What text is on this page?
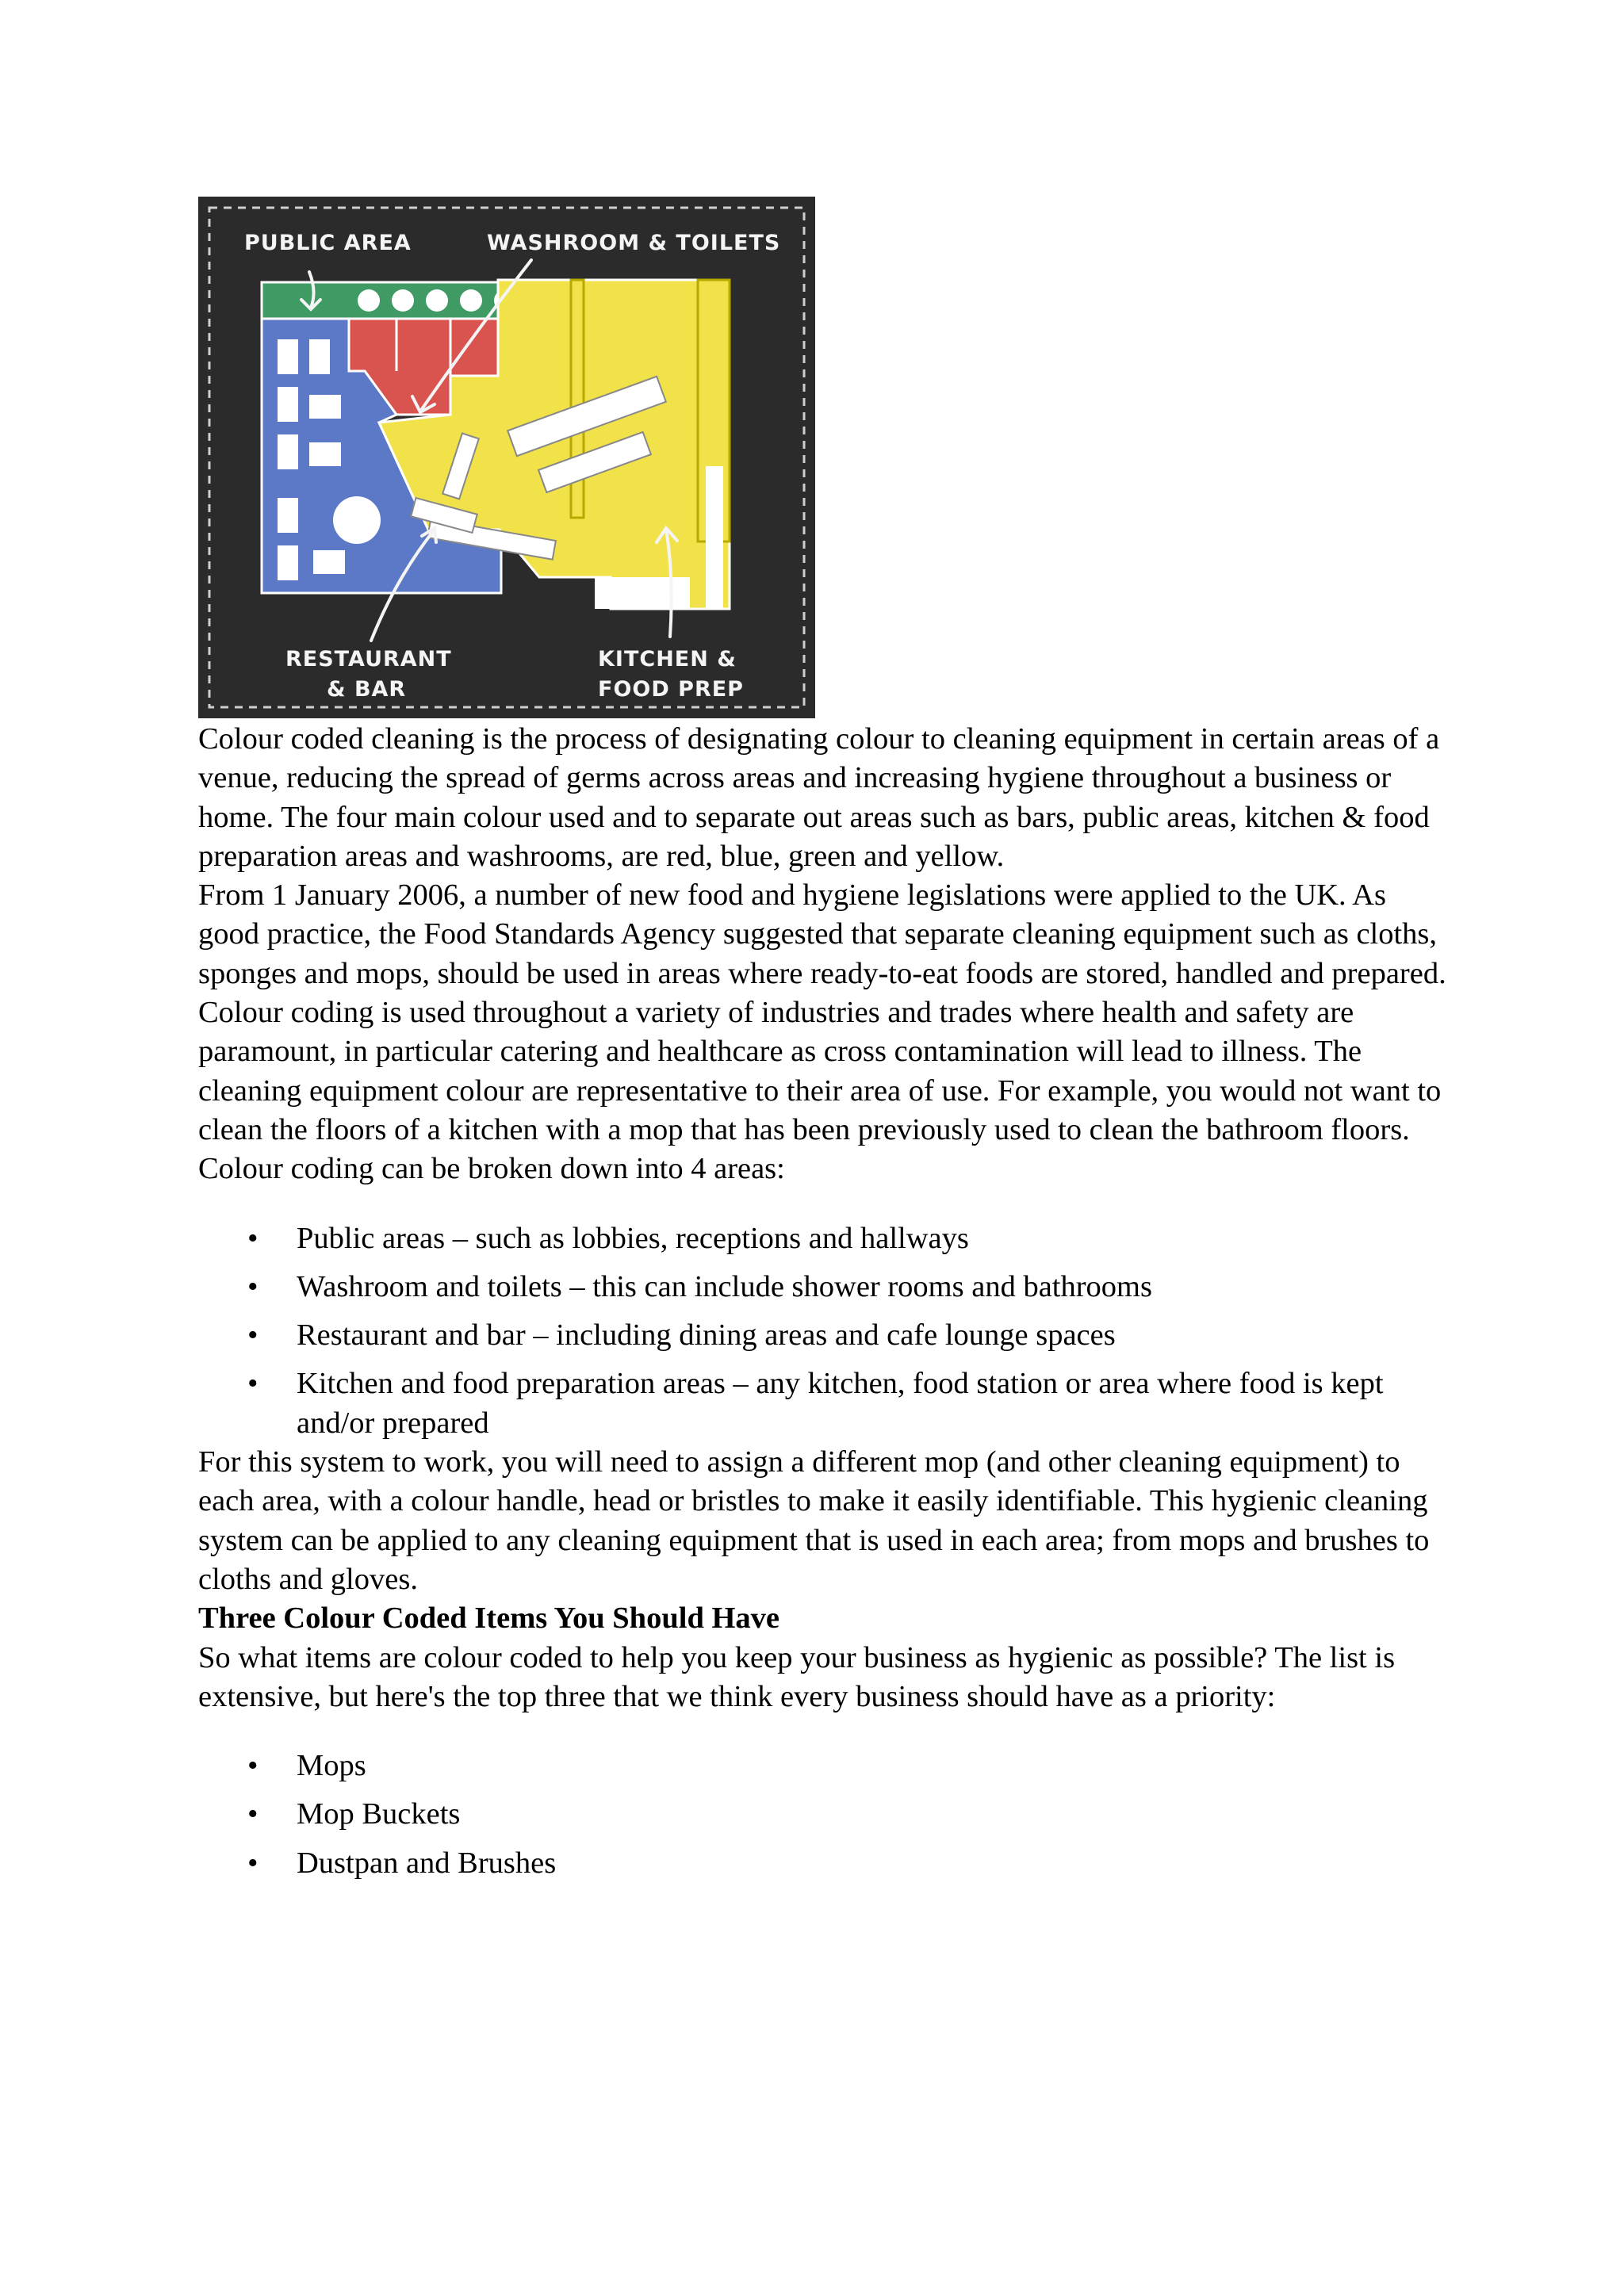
PUBLIC AREA	WASHROOM & TOILETS
RESTAURANT
& BAR
KITCHEN &
FOOD PREP

Colour coded cleaning is the process of designating colour to cleaning equipment in certain areas of a venue, reducing the spread of germs across areas and increasing hygiene throughout a business or home. The four main colour used and to separate out areas such as bars, public areas, kitchen & food preparation areas and washrooms, are red, blue, green and yellow.

From 1 January 2006, a number of new food and hygiene legislations were applied to the UK. As good practice, the Food Standards Agency suggested that separate cleaning equipment such as cloths, sponges and mops, should be used in areas where ready-to-eat foods are stored, handled and prepared.

Colour coding is used throughout a variety of industries and trades where health and safety are paramount, in particular catering and healthcare as cross contamination will lead to illness. The cleaning equipment colour are representative to their area of use. For example, you would not want to clean the floors of a kitchen with a mop that has been previously used to clean the bathroom floors. Colour coding can be broken down into 4 areas:

• Public areas – such as lobbies, receptions and hallways
• Washroom and toilets – this can include shower rooms and bathrooms
• Restaurant and bar – including dining areas and cafe lounge spaces
• Kitchen and food preparation areas – any kitchen, food station or area where food is kept and/or prepared

For this system to work, you will need to assign a different mop (and other cleaning equipment) to each area, with a colour handle, head or bristles to make it easily identifiable. This hygienic cleaning system can be applied to any cleaning equipment that is used in each area; from mops and brushes to cloths and gloves.

Three Colour Coded Items You Should Have

So what items are colour coded to help you keep your business as hygienic as possible? The list is extensive, but here's the top three that we think every business should have as a priority:

• Mops
• Mop Buckets
• Dustpan and Brushes
